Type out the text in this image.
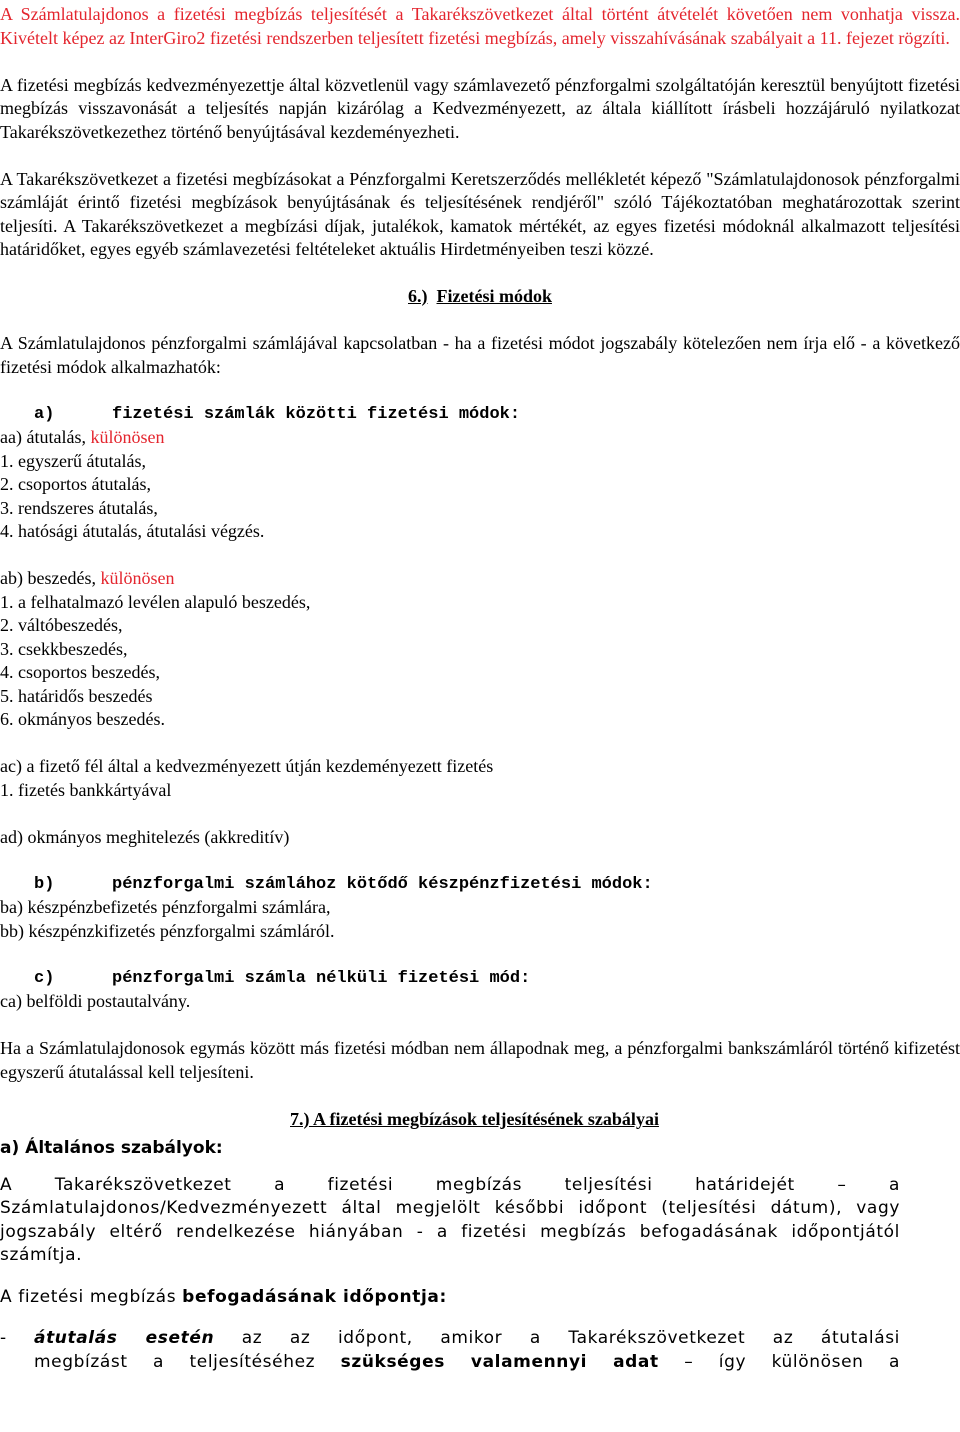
A Számlatulajdonos a fizetési megbízás teljesítését a Takarékszövetkezet által történt átvételét követően nem vonhatja vissza. Kivételt képez az InterGiro2 fizetési rendszerben teljesített fizetési megbízás, amely visszahívásának szabályait a 11. fejezet rögzíti.

A fizetési megbízás kedvezményezettje által közvetlenül vagy számlavezető pénzforgalmi szolgáltatóján keresztül benyújtott fizetési megbízás visszavonását a teljesítés napján kizárólag a Kedvezményezett, az általa kiállított írásbeli hozzájáruló nyilatkozat Takarékszövetkezethez történő benyújtásával kezdeményezheti.

A Takarékszövetkezet a fizetési megbízásokat a Pénzforgalmi Keretszerződés mellékletét képező "Számlatulajdonosok pénzforgalmi számláját érintő fizetési megbízások benyújtásának és teljesítésének rendjéről" szóló Tájékoztatóban meghatározottak szerint teljesíti. A Takarékszövetkezet a megbízási díjak, jutalékok, kamatok mértékét, az egyes fizetési módoknál alkalmazott teljesítési határidőket, egyes egyéb számlavezetési feltételeket aktuális Hirdetményeiben teszi közzé.

6.) Fizetési módok

A Számlatulajdonos pénzforgalmi számlájával kapcsolatban - ha a fizetési módot jogszabály kötelezően nem írja elő - a következő fizetési módok alkalmazhatók:

a)	fizetési számlák közötti fizetési módok:

aa) átutalás, különösen

1. egyszerű átutalás,

2. csoportos átutalás,

3. rendszeres átutalás,

4. hatósági átutalás, átutalási végzés.

ab) beszedés, különösen

1. a felhatalmazó levélen alapuló beszedés,

2. váltóbeszedés,

3. csekkbeszedés,

4. csoportos beszedés,

5. határidős beszedés

6. okmányos beszedés.

ac) a fizető fél által a kedvezményezett útján kezdeményezett fizetés

1. fizetés bankkártyával

ad) okmányos meghitelezés (akkreditív)

b)	pénzforgalmi számlához kötődő készpénzfizetési módok:

ba) készpénzbefizetés pénzforgalmi számlára,

bb) készpénzkifizetés pénzforgalmi számláról.

c)	pénzforgalmi számla nélküli fizetési mód:

ca) belföldi postautalvány.

Ha a Számlatulajdonosok egymás között más fizetési módban nem állapodnak meg, a pénzforgalmi bankszámláról történő kifizetést egyszerű átutalással kell teljesíteni.

7.) A fizetési megbízások teljesítésének szabályai
a) Általános szabályok:

A Takarékszövetkezet a fizetési megbízás teljesítési határidejét – a Számlatulajdonos/Kedvezményezett által megjelölt későbbi időpont (teljesítési dátum), vagy jogszabály eltérő rendelkezése hiányában - a fizetési megbízás befogadásának időpontjától számítja.

A fizetési megbízás befogadásának időpontja:

- átutalás esetén az az időpont, amikor a Takarékszövetkezet az átutalási

megbízást a teljesítéséhez szükséges valamennyi adat – így különösen a
